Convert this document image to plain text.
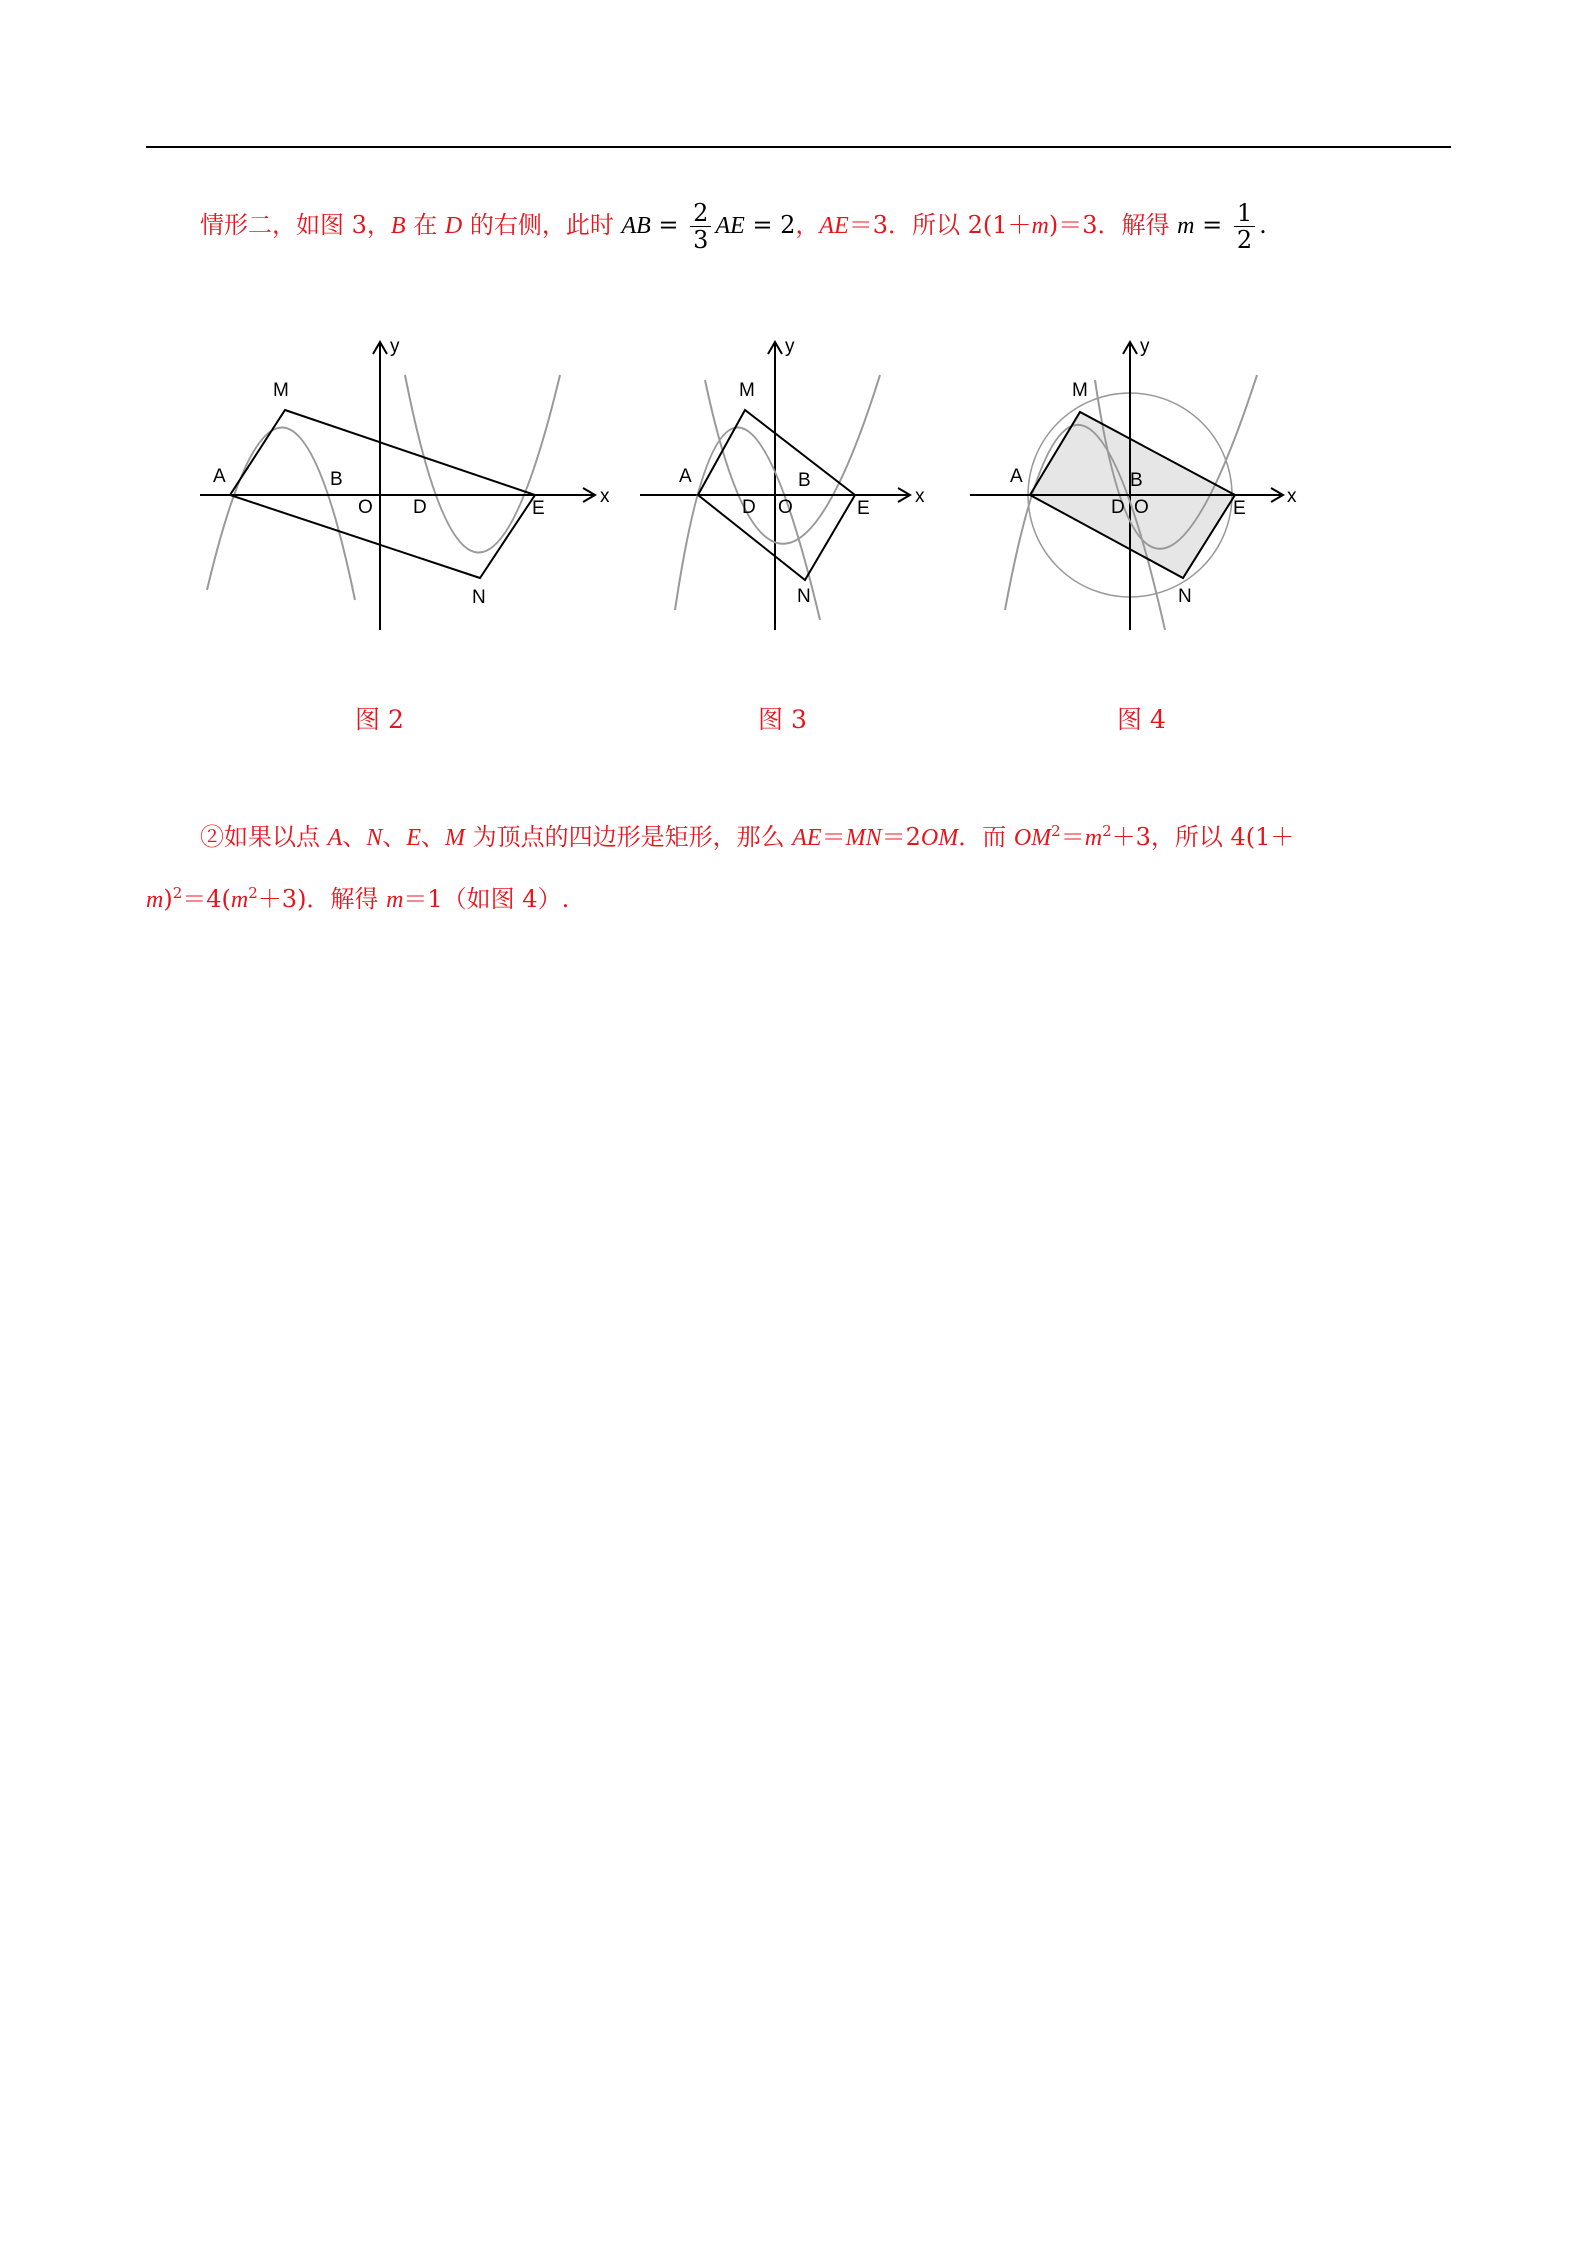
情形二，如图 3，B 在 D 的右侧，此时 AB = $\frac{2}{3}$ AE = 2，AE＝3．所以 2(1＋m)＝3．解得 $m = \frac{1}{2}$ .
A	B
O D	E
M
N
x
y
图 2
A	B
O
D	E
M
N
x
y
图 3
A	B
O
D	E
M
N
x
y
图 4
②如果以点 A、N、E、M 为顶点的四边形是矩形，那么 AE＝MN＝2OM．而 $OM^2=m^2+3$，所以 4(1＋
$m)^2=4(m^2+3)$．解得 m＝1（如图 4）.
